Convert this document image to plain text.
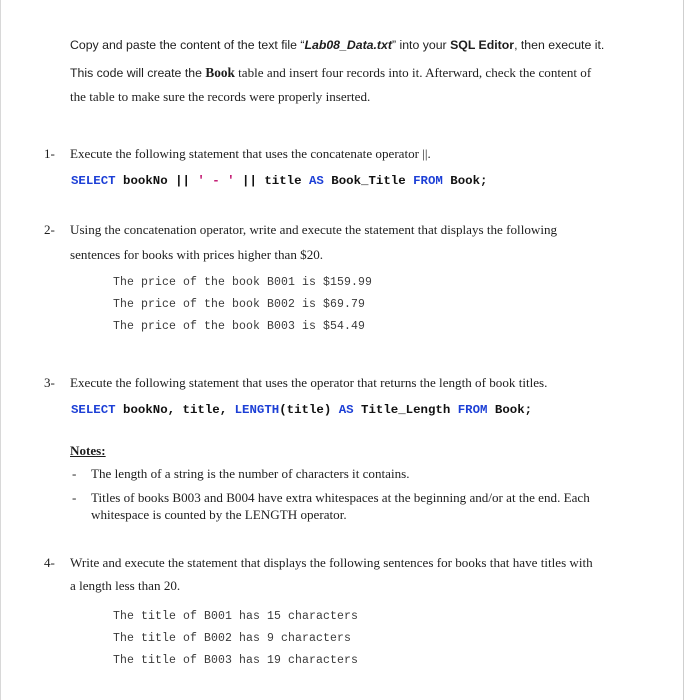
Copy and paste the content of the text file “Lab08_Data.txt” into your SQL Editor, then execute it.
This code will create the Book table and insert four records into it. Afterward, check the content of
the table to make sure the records were properly inserted.
1- Execute the following statement that uses the concatenate operator ||.
SELECT bookNo || ' - ' || title AS Book_Title FROM Book;
2- Using the concatenation operator, write and execute the statement that displays the following
sentences for books with prices higher than $20.
The price of the book B001 is $159.99
The price of the book B002 is $69.79
The price of the book B003 is $54.49
3- Execute the following statement that uses the operator that returns the length of book titles.
SELECT bookNo, title, LENGTH(title) AS Title_Length FROM Book;
Notes:
- The length of a string is the number of characters it contains.
- Titles of books B003 and B004 have extra whitespaces at the beginning and/or at the end. Each
whitespace is counted by the LENGTH operator.
4- Write and execute the statement that displays the following sentences for books that have titles with
a length less than 20.
The title of B001 has 15 characters
The title of B002 has 9 characters
The title of B003 has 19 characters
